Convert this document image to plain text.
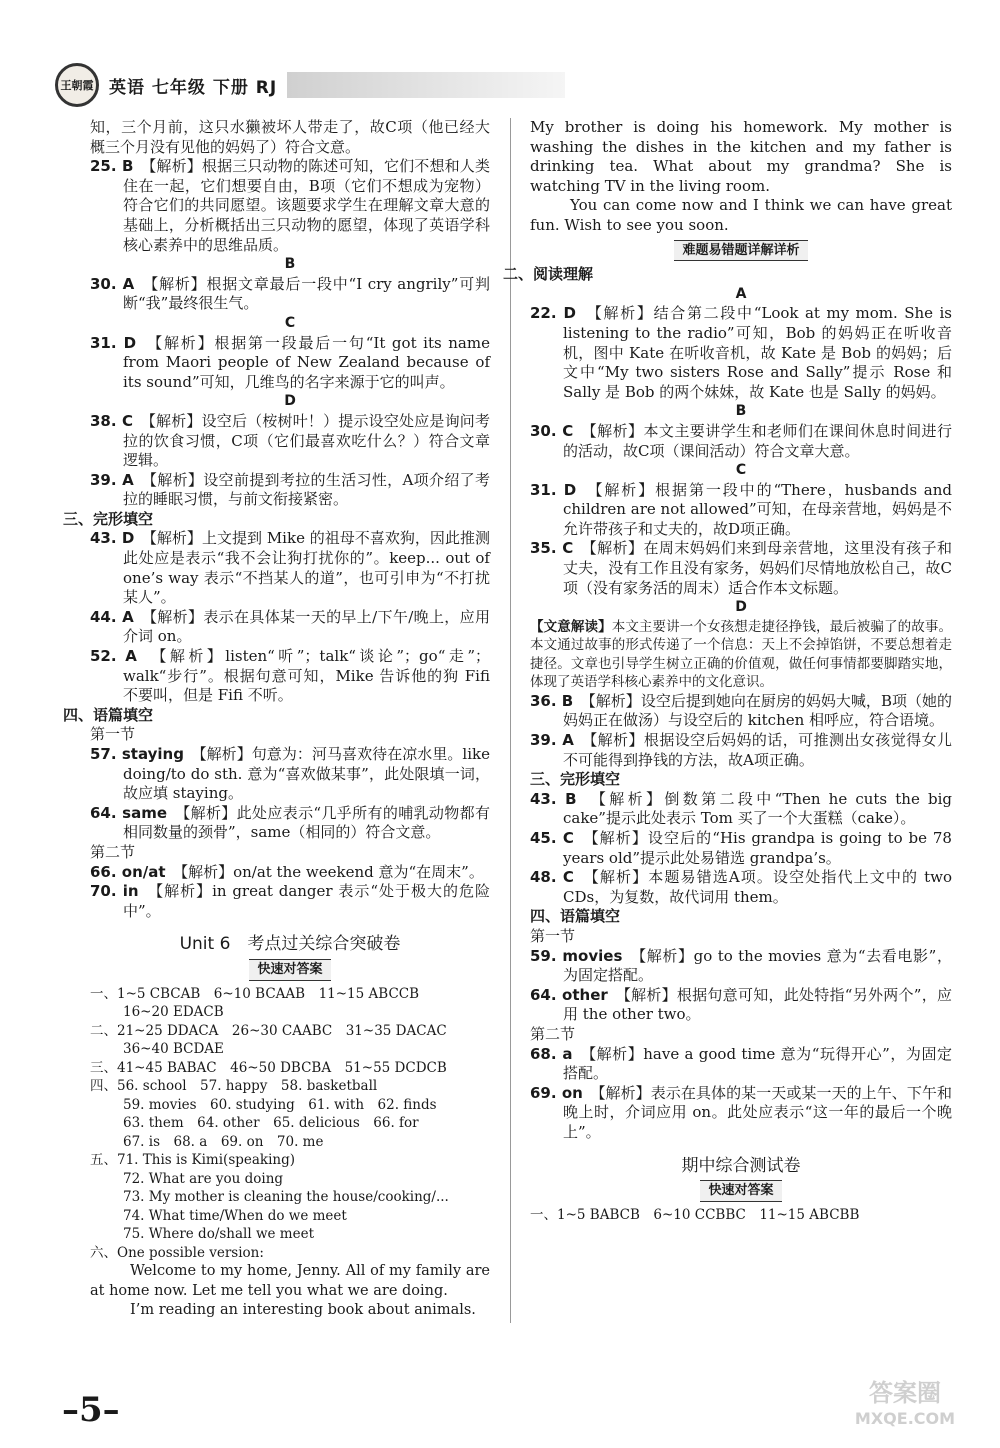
王朝霞 英语 七年级 下册 RJ

知，三个月前，这只水獭被坏人带走了，故C项（他已经大概三个月没有见他的妈妈了）符合文意。

25. B　 【解析】根据三只动物的陈述可知，它们不想和人类住在一起，它们想要自由，B项（它们不想成为宠物）符合它们的共同愿望。该题要求学生在理解文章大意的基础上，分析概括出三只动物的愿望，体现了英语学科核心素养中的思维品质。

B

30. A　 【解析】根据文章最后一段中“I cry angrily”可判断“我”最终很生气。

C

31. D　 【解析】根据第一段最后一句“It got its name from Maori people of New Zealand because of its sound”可知，几维鸟的名字来源于它的叫声。

D

38. C　 【解析】设空后（桉树叶！）提示设空处应是询问考拉的饮食习惯，C项（它们最喜欢吃什么？）符合文章逻辑。

39. A　 【解析】设空前提到考拉的生活习性，A项介绍了考拉的睡眠习惯，与前文衔接紧密。

三、完形填空

43. D　 【解析】上文提到 Mike 的祖母不喜欢狗，因此推测此处应是表示“我不会让狗打扰你的”。keep... out of one’s way 表示“不挡某人的道”，也可引申为“不打扰某人”。

44. A　 【解析】表示在具体某一天的早上/下午/晚上，应用介词 on。

52. A　 【解析】listen“听”；talk“谈论”；go“走”；walk“步行”。根据句意可知，Mike 告诉他的狗 Fifi 不要叫，但是 Fifi 不听。

四、语篇填空

第一节

57. staying　 【解析】句意为：河马喜欢待在凉水里。like doing/to do sth. 意为“喜欢做某事”，此处限填一词，故应填 staying。

64. same　 【解析】此处应表示“几乎所有的哺乳动物都有相同数量的颈骨”，same（相同的）符合文意。

第二节

66. on/at　 【解析】on/at the weekend 意为“在周末”。

70. in　 【解析】in great danger 表示“处于极大的危险中”。

Unit 6　考点过关综合突破卷
快速对答案

一、1~5 CBCAB　6~10 BCAAB　11~15 ABCCB

16~20 EDACB

二、21~25 DDACA　26~30 CAABC　31~35 DACAC

36~40 BCDAE

三、41~45 BABAC　46~50 DBCBA　51~55 DCDCB

四、56. school　57. happy　58. basketball

59. movies　60. studying　61. with　62. finds

63. them　64. other　65. delicious　66. for

67. is　68. a　69. on　70. me

五、71. This is Kimi(speaking)

72. What are you doing

73. My mother is cleaning the house/cooking/...

74. What time/When do we meet

75. Where do/shall we meet

六、One possible version:

Welcome to my home, Jenny. All of my family are at home now. Let me tell you what we are doing.

I’m reading an interesting book about animals.

My brother is doing his homework. My mother is washing the dishes in the kitchen and my father is drinking tea. What about my grandma? She is watching TV in the living room.

You can come now and I think we can have great fun. Wish to see you soon.

难题易错题详解详析

二、阅读理解

A

22. D　 【解析】结合第二段中“Look at my mom. She is listening to the radio”可知，Bob 的妈妈正在听收音机，图中 Kate 在听收音机，故 Kate 是 Bob 的妈妈；后文中“My two sisters Rose and Sally”提示 Rose 和 Sally 是 Bob 的两个妹妹，故 Kate 也是 Sally 的妈妈。

B

30. C　 【解析】本文主要讲学生和老师们在课间休息时间进行的活动，故C项（课间活动）符合文章大意。

C

31. D　 【解析】根据第一段中的“There，husbands and children are not allowed”可知，在母亲营地，妈妈是不允许带孩子和丈夫的，故D项正确。

35. C　 【解析】在周末妈妈们来到母亲营地，这里没有孩子和丈夫，没有工作且没有家务，妈妈们尽情地放松自己，故C项（没有家务活的周末）适合作本文标题。

D

【文意解读】本文主要讲一个女孩想走捷径挣钱，最后被骗了的故事。本文通过故事的形式传递了一个信息：天上不会掉馅饼，不要总想着走捷径。文章也引导学生树立正确的价值观，做任何事情都要脚踏实地，体现了英语学科核心素养中的文化意识。

36. B　 【解析】设空后提到她向在厨房的妈妈大喊，B项（她的妈妈正在做汤）与设空后的 kitchen 相呼应，符合语境。

39. A　 【解析】根据设空后妈妈的话，可推测出女孩觉得女儿不可能得到挣钱的方法，故A项正确。

三、完形填空

43. B　 【解析】倒数第二段中“Then he cuts the big cake”提示此处表示 Tom 买了一个大蛋糕（cake）。

45. C　 【解析】设空后的“His grandpa is going to be 78 years old”提示此处易错选 grandpa’s。

48. C　 【解析】本题易错选A项。设空处指代上文中的 two CDs，为复数，故代词用 them。

四、语篇填空

第一节

59. movies　 【解析】go to the movies 意为“去看电影”，为固定搭配。

64. other　 【解析】根据句意可知，此处特指“另外两个”，应用 the other two。

第二节

68. a　 【解析】have a good time 意为“玩得开心”，为固定搭配。

69. on　 【解析】表示在具体的某一天或某一天的上午、下午和晚上时，介词应用 on。此处应表示“这一年的最后一个晚上”。

期中综合测试卷
快速对答案

一、1~5 BABCB　6~10 CCBBC　11~15 ABCBB

–5–	答案圈
MXQE.COM
